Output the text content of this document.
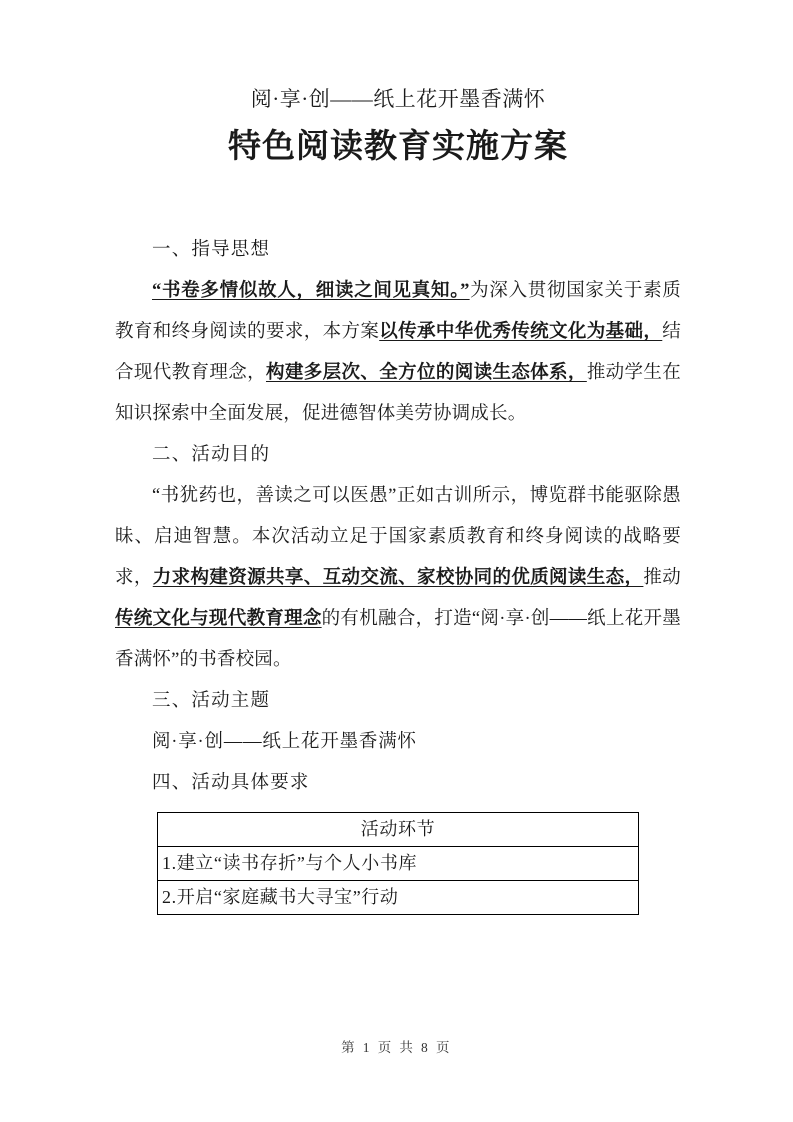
阅·享·创——纸上花开墨香满怀

特色阅读教育实施方案

一、指导思想

“书卷多情似故人，细读之间见真知。”为深入贯彻国家关于素质教育和终身阅读的要求，本方案以传承中华优秀传统文化为基础，结合现代教育理念，构建多层次、全方位的阅读生态体系，推动学生在知识探索中全面发展，促进德智体美劳协调成长。

二、活动目的

“书犹药也，善读之可以医愚”正如古训所示，博览群书能驱除愚昧、启迪智慧。本次活动立足于国家素质教育和终身阅读的战略要求，力求构建资源共享、互动交流、家校协同的优质阅读生态，推动传统文化与现代教育理念的有机融合，打造“阅·享·创——纸上花开墨香满怀”的书香校园。

三、活动主题

阅·享·创——纸上花开墨香满怀

四、活动具体要求

活动环节
1.建立“读书存折”与个人小书库
2.开启“家庭藏书大寻宝”行动
第 1 页 共 8 页
